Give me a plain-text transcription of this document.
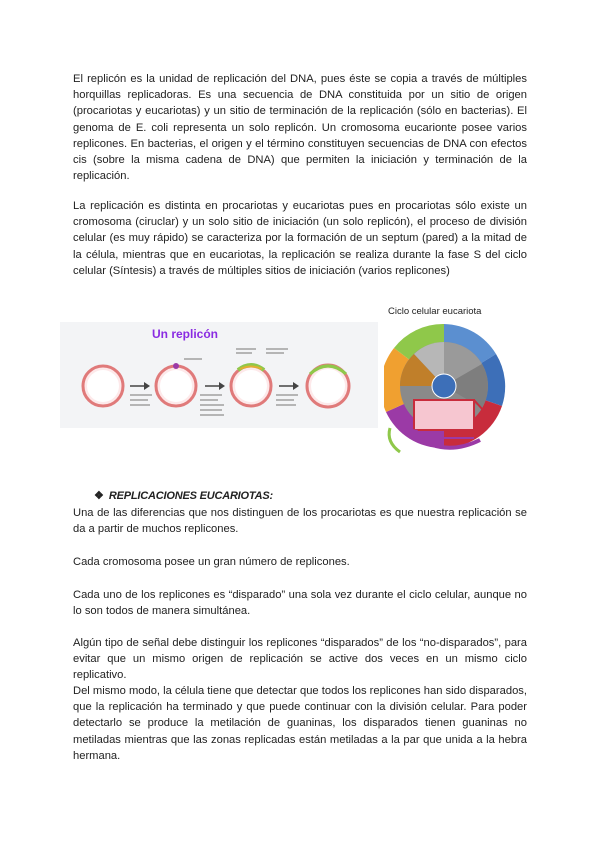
El replicón es la unidad de replicación del DNA, pues éste se copia a través de múltiples horquillas replicadoras. Es una secuencia de DNA constituida por un sitio de origen (procariotas y eucariotas) y un sitio de terminación de la replicación (sólo en bacterias). El genoma de E. coli representa un solo replicón. Un cromosoma eucarionte posee varios replicones. En bacterias, el origen y el término constituyen secuencias de DNA con efectos cis (sobre la misma cadena de DNA) que permiten la iniciación y terminación de la replicación.

La replicación es distinta en procariotas y eucariotas pues en procariotas sólo existe un cromosoma (ciruclar) y un solo sitio de iniciación (un solo replicón), el proceso de división celular (es muy rápido) se caracteriza por la formación de un septum (pared) a la mitad de la célula, mientras que en eucariotas, la replicación se realiza durante la fase S del ciclo celular (Síntesis) a través de múltiples sitios de iniciación (varios replicones)

Un replicón
Ciclo celular eucariota
❖ REPLICACIONES EUCARIOTAS:

Una de las diferencias que nos distinguen de los procariotas es que nuestra replicación se da a partir de muchos replicones.

Cada cromosoma posee un gran número de replicones.

Cada uno de los replicones es “disparado” una sola vez durante el ciclo celular, aunque no lo son todos de manera simultánea.

Algún tipo de señal debe distinguir los replicones “disparados” de los “no-disparados”, para evitar que un mismo origen de replicación se active dos veces en un mismo ciclo replicativo.

Del mismo modo, la célula tiene que detectar que todos los replicones han sido disparados, que la replicación ha terminado y que puede continuar con la división celular. Para poder detectarlo se produce la metilación de guaninas, los disparados tienen guaninas no metiladas mientras que las zonas replicadas están metiladas a la par que unida a la hebra hermana.
